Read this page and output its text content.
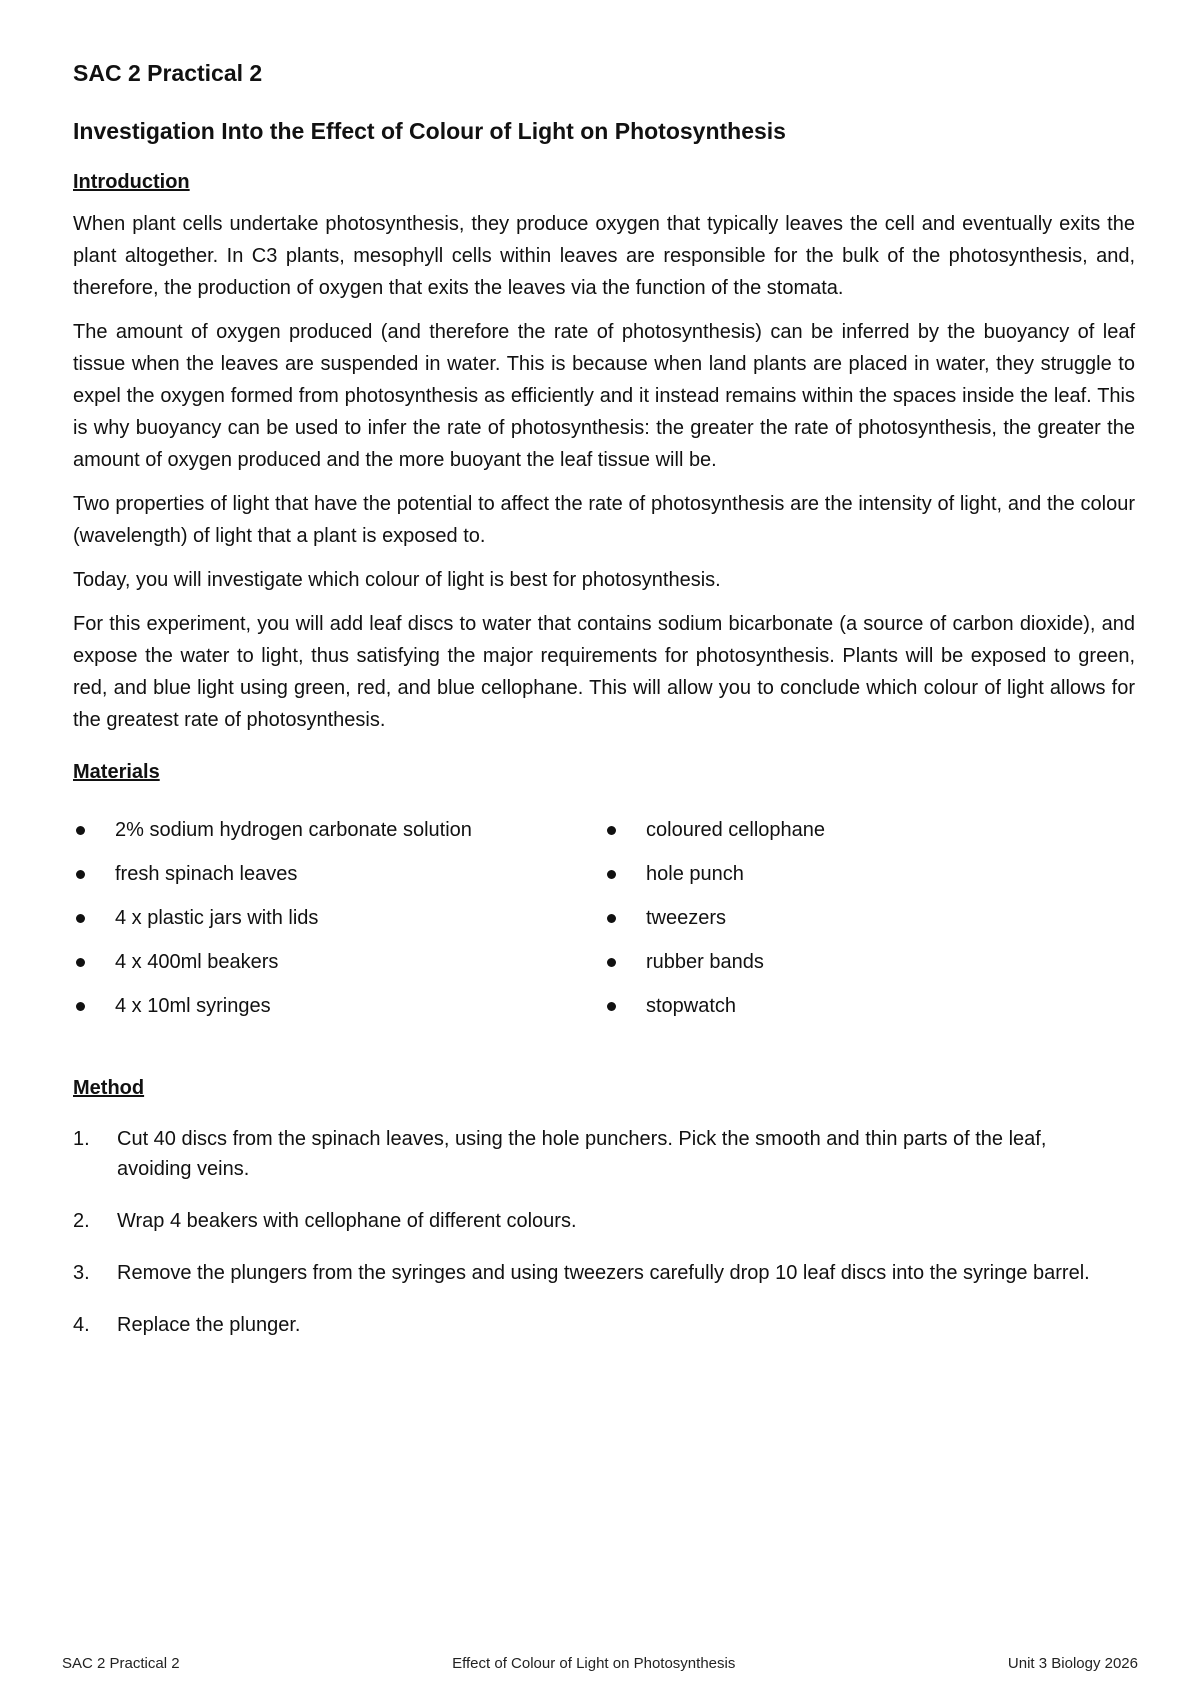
SAC 2 Practical 2
Investigation Into the Effect of Colour of Light on Photosynthesis
Introduction

When plant cells undertake photosynthesis, they produce oxygen that typically leaves the cell and eventually exits the plant altogether. In C3 plants, mesophyll cells within leaves are responsible for the bulk of the photosynthesis, and, therefore, the production of oxygen that exits the leaves via the function of the stomata.

The amount of oxygen produced (and therefore the rate of photosynthesis) can be inferred by the buoyancy of leaf tissue when the leaves are suspended in water. This is because when land plants are placed in water, they struggle to expel the oxygen formed from photosynthesis as efficiently and it instead remains within the spaces inside the leaf. This is why buoyancy can be used to infer the rate of photosynthesis: the greater the rate of photosynthesis, the greater the amount of oxygen produced and the more buoyant the leaf tissue will be.

Two properties of light that have the potential to affect the rate of photosynthesis are the intensity of light, and the colour (wavelength) of light that a plant is exposed to.

Today, you will investigate which colour of light is best for photosynthesis.

For this experiment, you will add leaf discs to water that contains sodium bicarbonate (a source of carbon dioxide), and expose the water to light, thus satisfying the major requirements for photosynthesis. Plants will be exposed to green, red, and blue light using green, red, and blue cellophane. This will allow you to conclude which colour of light allows for the greatest rate of photosynthesis.

Materials
2% sodium hydrogen carbonate solution
fresh spinach leaves
4 x plastic jars with lids
4 x 400ml beakers
4 x 10ml syringes
coloured cellophane
hole punch
tweezers
rubber bands
stopwatch
Method
1.	Cut 40 discs from the spinach leaves, using the hole punchers. Pick the smooth and thin parts of the leaf, avoiding veins.
2.	Wrap 4 beakers with cellophane of different colours.
3.	Remove the plungers from the syringes and using tweezers carefully drop 10 leaf discs into the syringe barrel.
4.	Replace the plunger.
SAC 2 Practical 2	Effect of Colour of Light on Photosynthesis	Unit 3 Biology 2026
